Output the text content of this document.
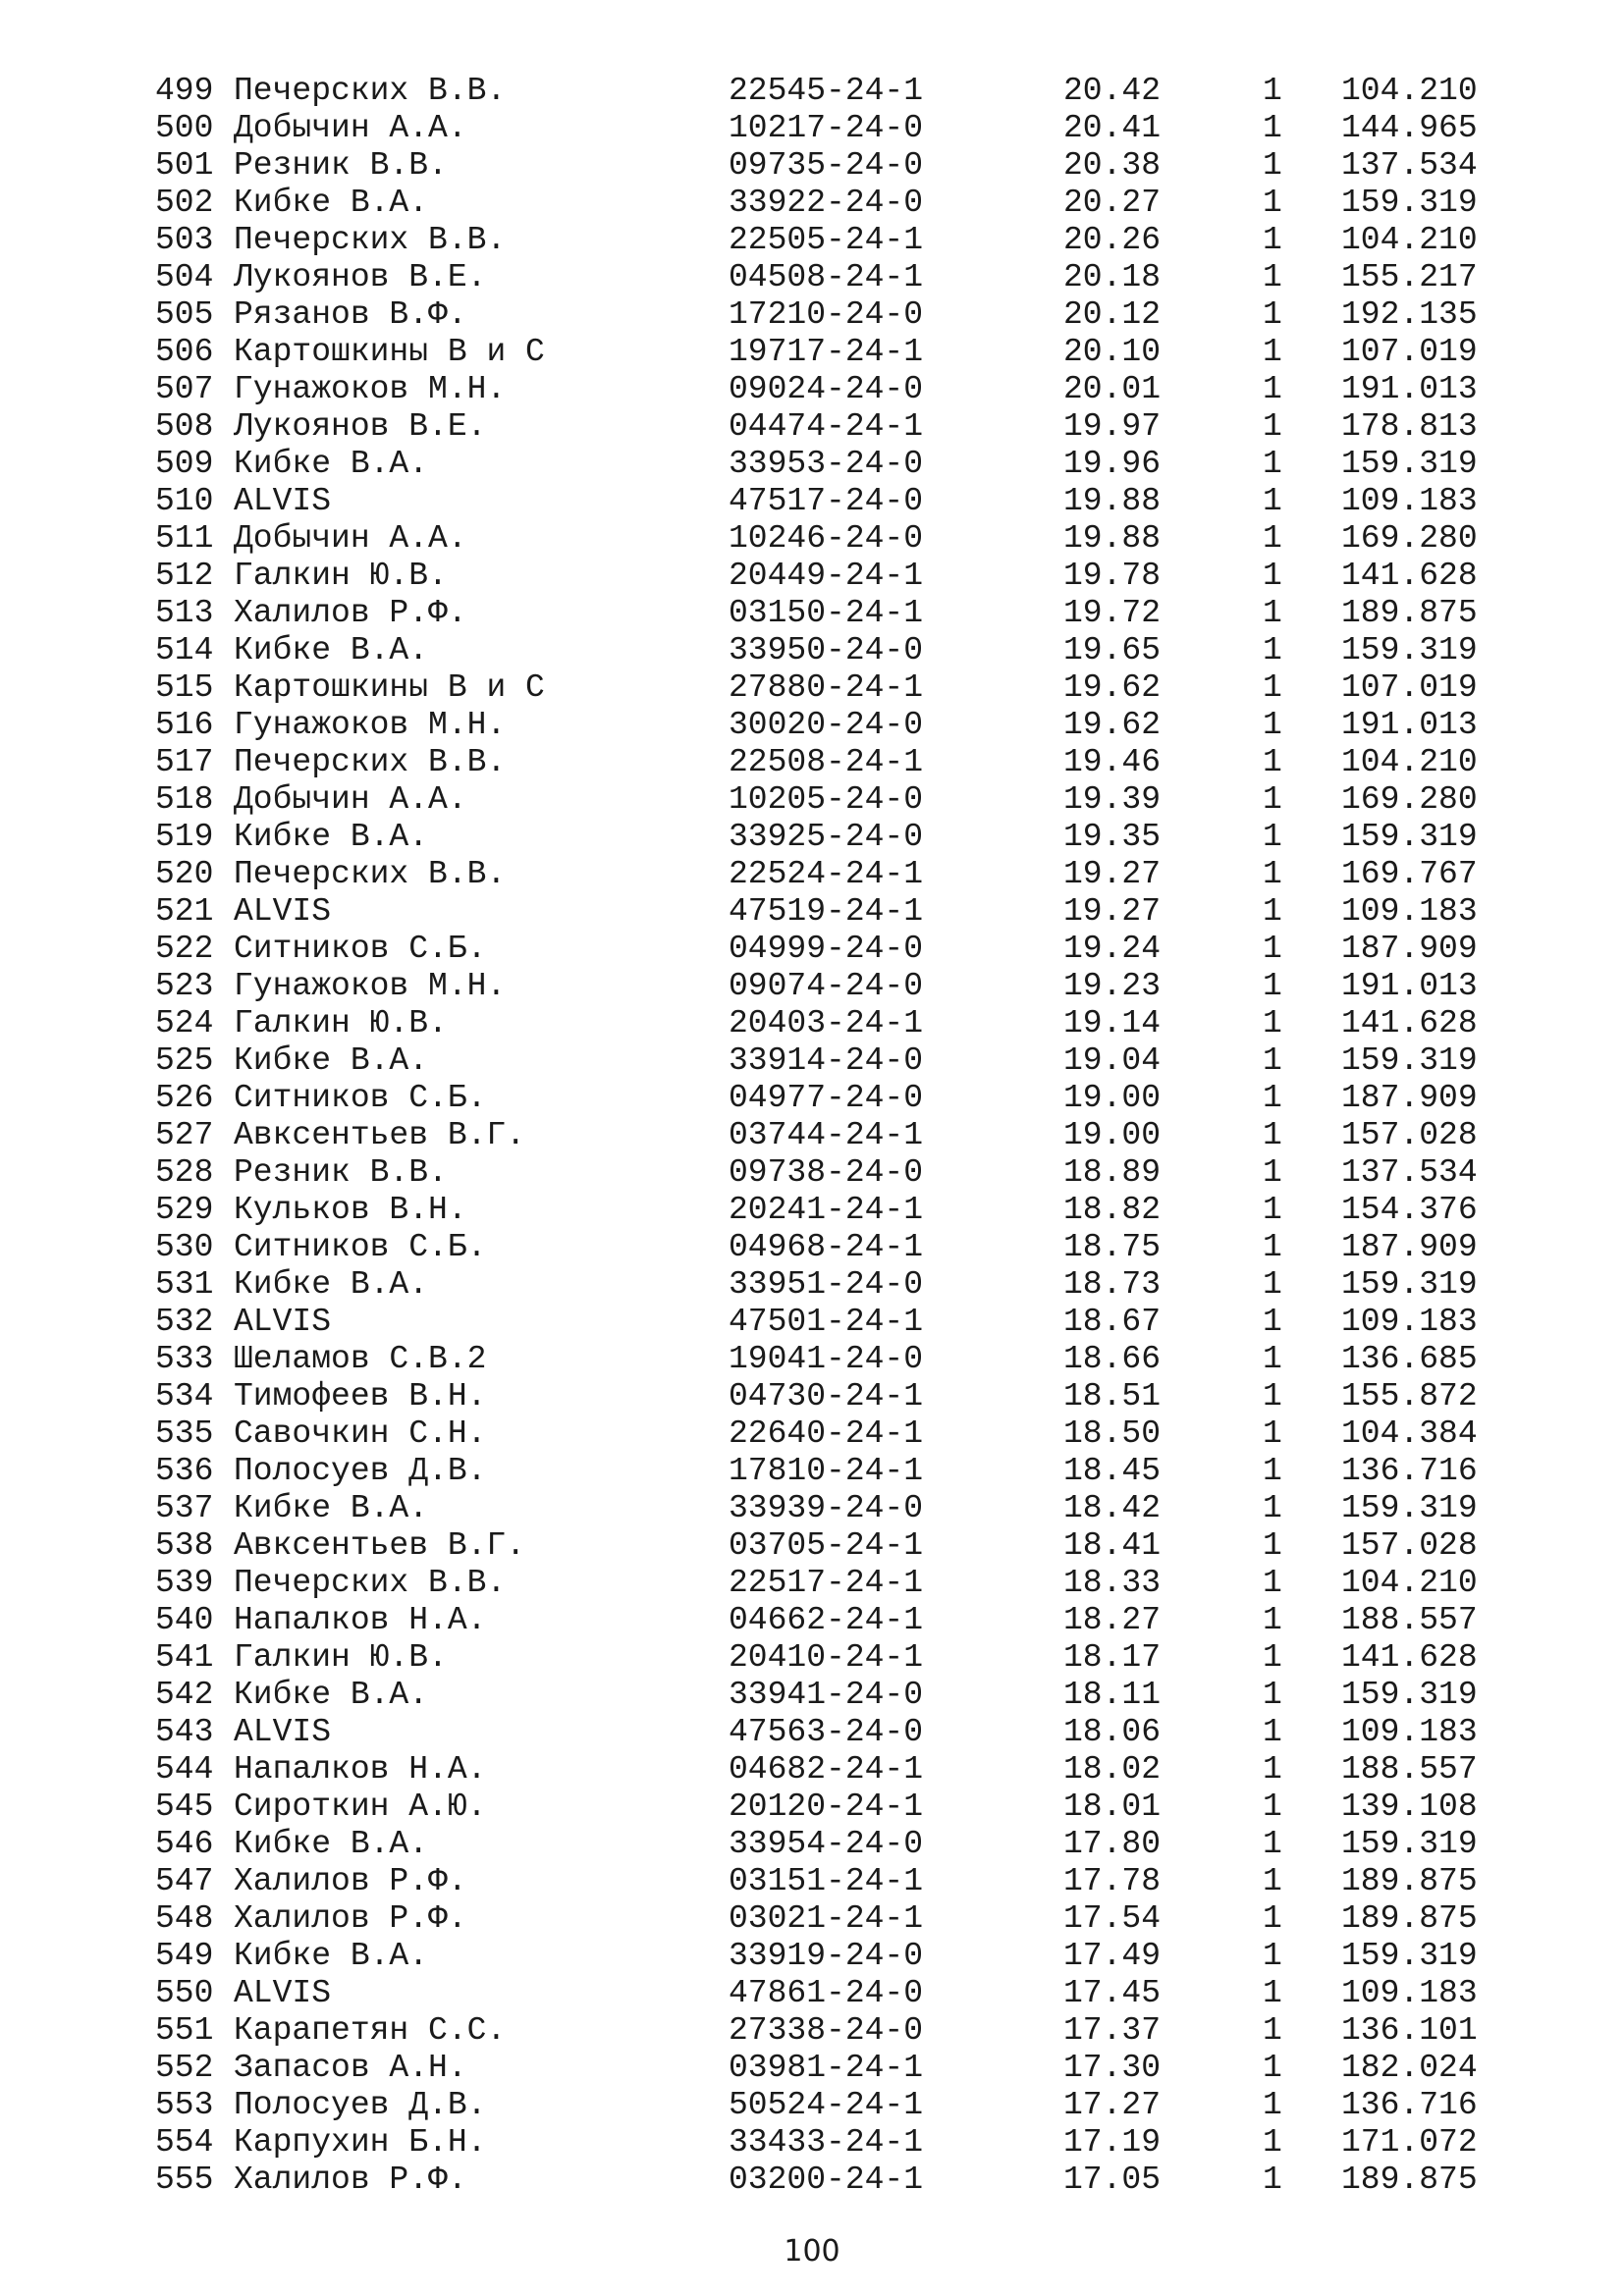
499 Печерских В.В.	22545-24-1	20.42	1 104.210
500 Добычин А.А.	10217-24-0	20.41	1 144.965
501 Резник В.В.	09735-24-0	20.38	1 137.534
502 Кибке В.А.	33922-24-0	20.27	1 159.319
503 Печерских В.В.	22505-24-1	20.26	1 104.210
504 Лукоянов В.Е.	04508-24-1	20.18	1 155.217
505 Рязанов В.Ф.	17210-24-0	20.12	1 192.135
506 Картошкины В и С	19717-24-1	20.10	1 107.019
507 Гунажоков М.Н.	09024-24-0	20.01	1 191.013
508 Лукоянов В.Е.	04474-24-1	19.97	1 178.813
509 Кибке В.А.	33953-24-0	19.96	1 159.319
510 ALVIS	47517-24-0	19.88	1 109.183
511 Добычин А.А.	10246-24-0	19.88	1 169.280
512 Галкин Ю.В.	20449-24-1	19.78	1 141.628
513 Халилов Р.Ф.	03150-24-1	19.72	1 189.875
514 Кибке В.А.	33950-24-0	19.65	1 159.319
515 Картошкины В и С	27880-24-1	19.62	1 107.019
516 Гунажоков М.Н.	30020-24-0	19.62	1 191.013
517 Печерских В.В.	22508-24-1	19.46	1 104.210
518 Добычин А.А.	10205-24-0	19.39	1 169.280
519 Кибке В.А.	33925-24-0	19.35	1 159.319
520 Печерских В.В.	22524-24-1	19.27	1 169.767
521 ALVIS	47519-24-1	19.27	1 109.183
522 Ситников С.Б.	04999-24-0	19.24	1 187.909
523 Гунажоков М.Н.	09074-24-0	19.23	1 191.013
524 Галкин Ю.В.	20403-24-1	19.14	1 141.628
525 Кибке В.А.	33914-24-0	19.04	1 159.319
526 Ситников С.Б.	04977-24-0	19.00	1 187.909
527 Авксентьев В.Г.	03744-24-1	19.00	1 157.028
528 Резник В.В.	09738-24-0	18.89	1 137.534
529 Кульков В.Н.	20241-24-1	18.82	1 154.376
530 Ситников С.Б.	04968-24-1	18.75	1 187.909
531 Кибке В.А.	33951-24-0	18.73	1 159.319
532 ALVIS	47501-24-1	18.67	1 109.183
533 Шеламов С.В.2	19041-24-0	18.66	1 136.685
534 Тимофеев В.Н.	04730-24-1	18.51	1 155.872
535 Савочкин С.Н.	22640-24-1	18.50	1 104.384
536 Полосуев Д.В.	17810-24-1	18.45	1 136.716
537 Кибке В.А.	33939-24-0	18.42	1 159.319
538 Авксентьев В.Г.	03705-24-1	18.41	1 157.028
539 Печерских В.В.	22517-24-1	18.33	1 104.210
540 Напалков Н.А.	04662-24-1	18.27	1 188.557
541 Галкин Ю.В.	20410-24-1	18.17	1 141.628
542 Кибке В.А.	33941-24-0	18.11	1 159.319
543 ALVIS	47563-24-0	18.06	1 109.183
544 Напалков Н.А.	04682-24-1	18.02	1 188.557
545 Сироткин А.Ю.	20120-24-1	18.01	1 139.108
546 Кибке В.А.	33954-24-0	17.80	1 159.319
547 Халилов Р.Ф.	03151-24-1	17.78	1 189.875
548 Халилов Р.Ф.	03021-24-1	17.54	1 189.875
549 Кибке В.А.	33919-24-0	17.49	1 159.319
550 ALVIS	47861-24-0	17.45	1 109.183
551 Карапетян С.С.	27338-24-0	17.37	1 136.101
552 Запасов А.Н.	03981-24-1	17.30	1 182.024
553 Полосуев Д.В.	50524-24-1	17.27	1 136.716
554 Карпухин Б.Н.	33433-24-1	17.19	1 171.072
555 Халилов Р.Ф.	03200-24-1	17.05	1 189.875
100
